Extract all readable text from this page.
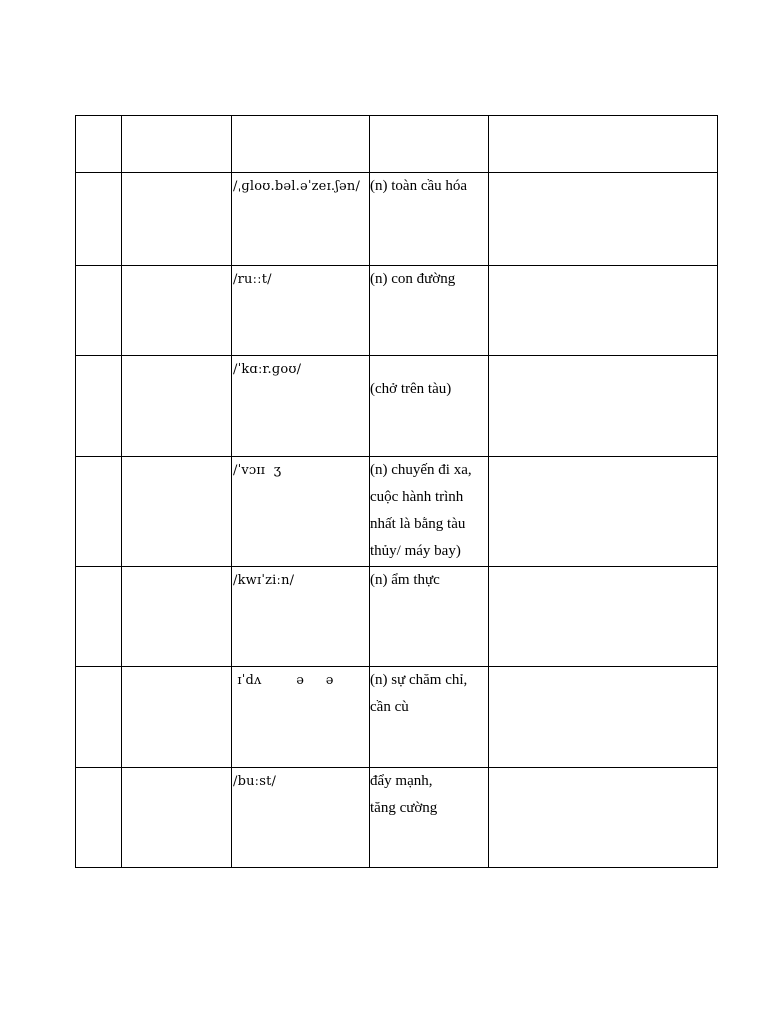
		/ˌɡloʊ.bəl.əˈzeɪ.ʃən/	(n) toàn cầu hóa	
		/ruːːt/	(n) con đường	
		/ˈkɑːr.ɡoʊ/	(chở trên tàu)	
		/ˈvɔɪɪ  ʒ	(n) chuyến đi xa,
cuộc hành trình
nhất là bằng tàu
thủy/ máy bay)	
		/kwɪˈziːn/	(n) ẩm thực	
		ɪˈdʌ        ə     ə	(n) sự chăm chỉ,
cần cù	
		/buːst/	đẩy mạnh,
tăng cường	
